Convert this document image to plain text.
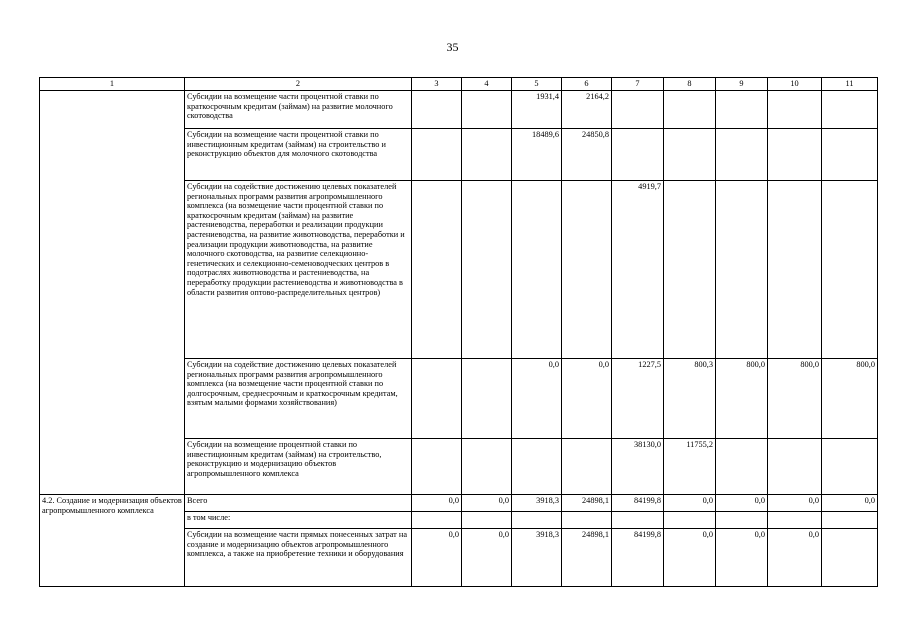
35
1	2	3	4	5	6	7	8	9	10	11
	Субсидии на возмещение части процентной ставки по краткосрочным кредитам (займам) на развитие молочного скотоводства			1931,4	2164,2					
	Субсидии на возмещение части процентной ставки по инвестиционным кредитам (займам) на строительство и реконструкцию объектов для молочного скотоводства			18489,6	24850,8					
	Субсидии на содействие достижению целевых показателей региональных программ развития агропромышленного комплекса (на возмещение части процентной ставки по краткосрочным кредитам (займам) на развитие растениеводства, переработки и реализации продукции растениеводства, на развитие животноводства, переработки и реализации продукции животноводства, на развитие молочного скотоводства, на развитие селекционно-генетических и селекционно-семеноводческих центров в подотраслях животноводства и растениеводства, на переработку продукции растениеводства и животноводства в области развития оптово-распределительных центров)					4919,7				
	Субсидии на содействие достижению целевых показателей региональных программ развития агропромышленного комплекса (на возмещение части процентной ставки по долгосрочным, среднесрочным и краткосрочным кредитам, взятым малыми формами хозяйствования)			0,0	0,0	1227,5	800,3	800,0	800,0	800,0
	Субсидии на возмещение процентной ставки по инвестиционным кредитам (займам) на строительство, реконструкцию и модернизацию объектов агропромышленного комплекса					38130,0	11755,2			
4.2. Создание и модернизация объектов агропромышленного комплекса	Всего	0,0	0,0	3918,3	24898,1	84199,8	0,0	0,0	0,0	0,0
	в том числе:									
	Субсидии на возмещение части прямых понесенных затрат на создание и модернизацию объектов агропромышленного комплекса, а также на приобретение техники и оборудования	0,0	0,0	3918,3	24898,1	84199,8	0,0	0,0	0,0	
